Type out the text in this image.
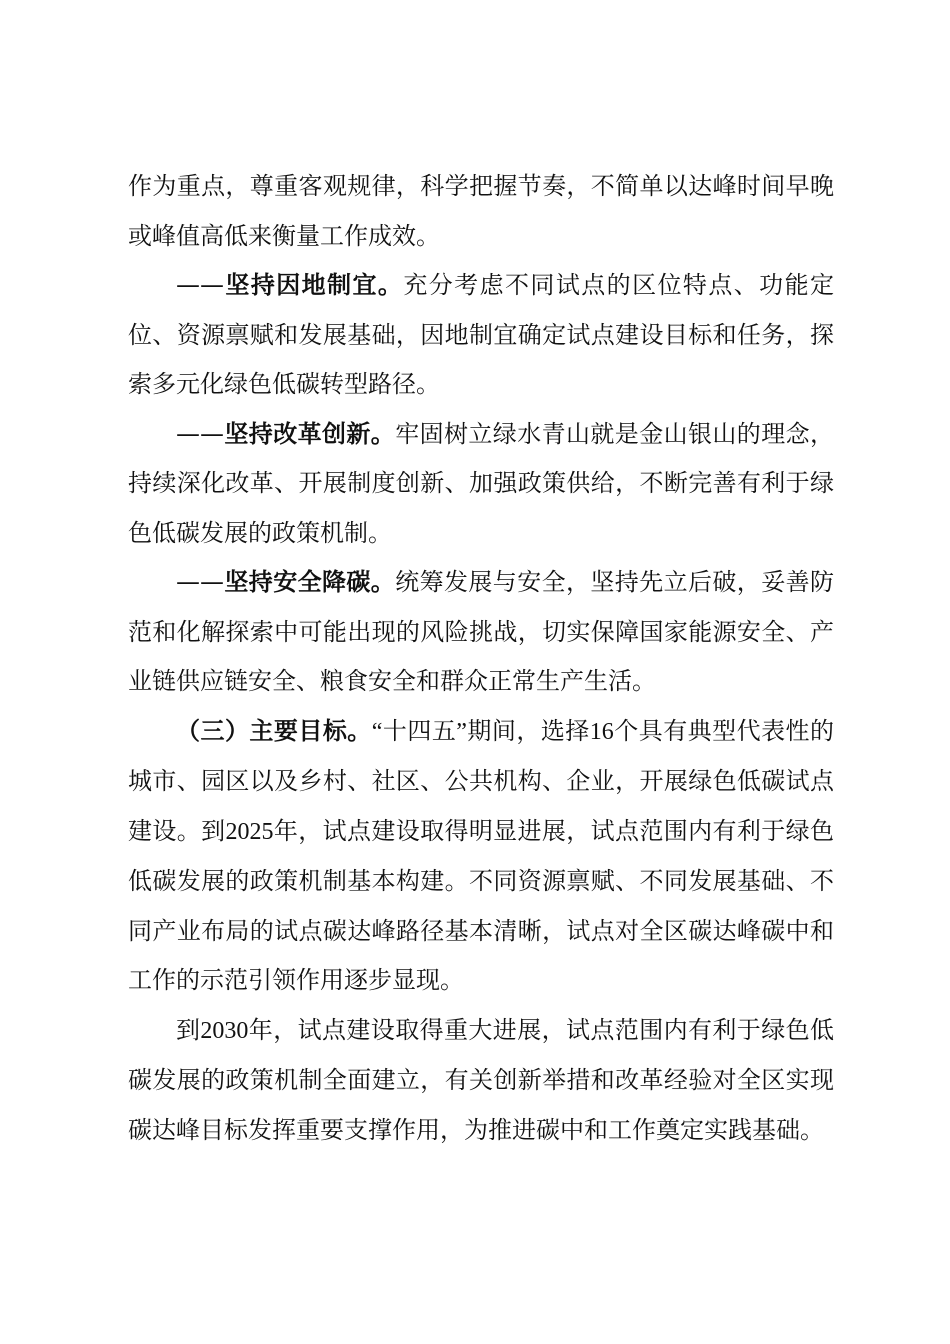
作为重点，尊重客观规律，科学把握节奏，不简单以达峰时间早晚或峰值高低来衡量工作成效。

——坚持因地制宜。充分考虑不同试点的区位特点、功能定位、资源禀赋和发展基础，因地制宜确定试点建设目标和任务，探索多元化绿色低碳转型路径。

——坚持改革创新。牢固树立绿水青山就是金山银山的理念，持续深化改革、开展制度创新、加强政策供给，不断完善有利于绿色低碳发展的政策机制。

——坚持安全降碳。统筹发展与安全，坚持先立后破，妥善防范和化解探索中可能出现的风险挑战，切实保障国家能源安全、产业链供应链安全、粮食安全和群众正常生产生活。

（三）主要目标。“十四五”期间，选择16个具有典型代表性的城市、园区以及乡村、社区、公共机构、企业，开展绿色低碳试点建设。到2025年，试点建设取得明显进展，试点范围内有利于绿色低碳发展的政策机制基本构建。不同资源禀赋、不同发展基础、不同产业布局的试点碳达峰路径基本清晰，试点对全区碳达峰碳中和工作的示范引领作用逐步显现。

到2030年，试点建设取得重大进展，试点范围内有利于绿色低碳发展的政策机制全面建立，有关创新举措和改革经验对全区实现碳达峰目标发挥重要支撑作用，为推进碳中和工作奠定实践基础。
